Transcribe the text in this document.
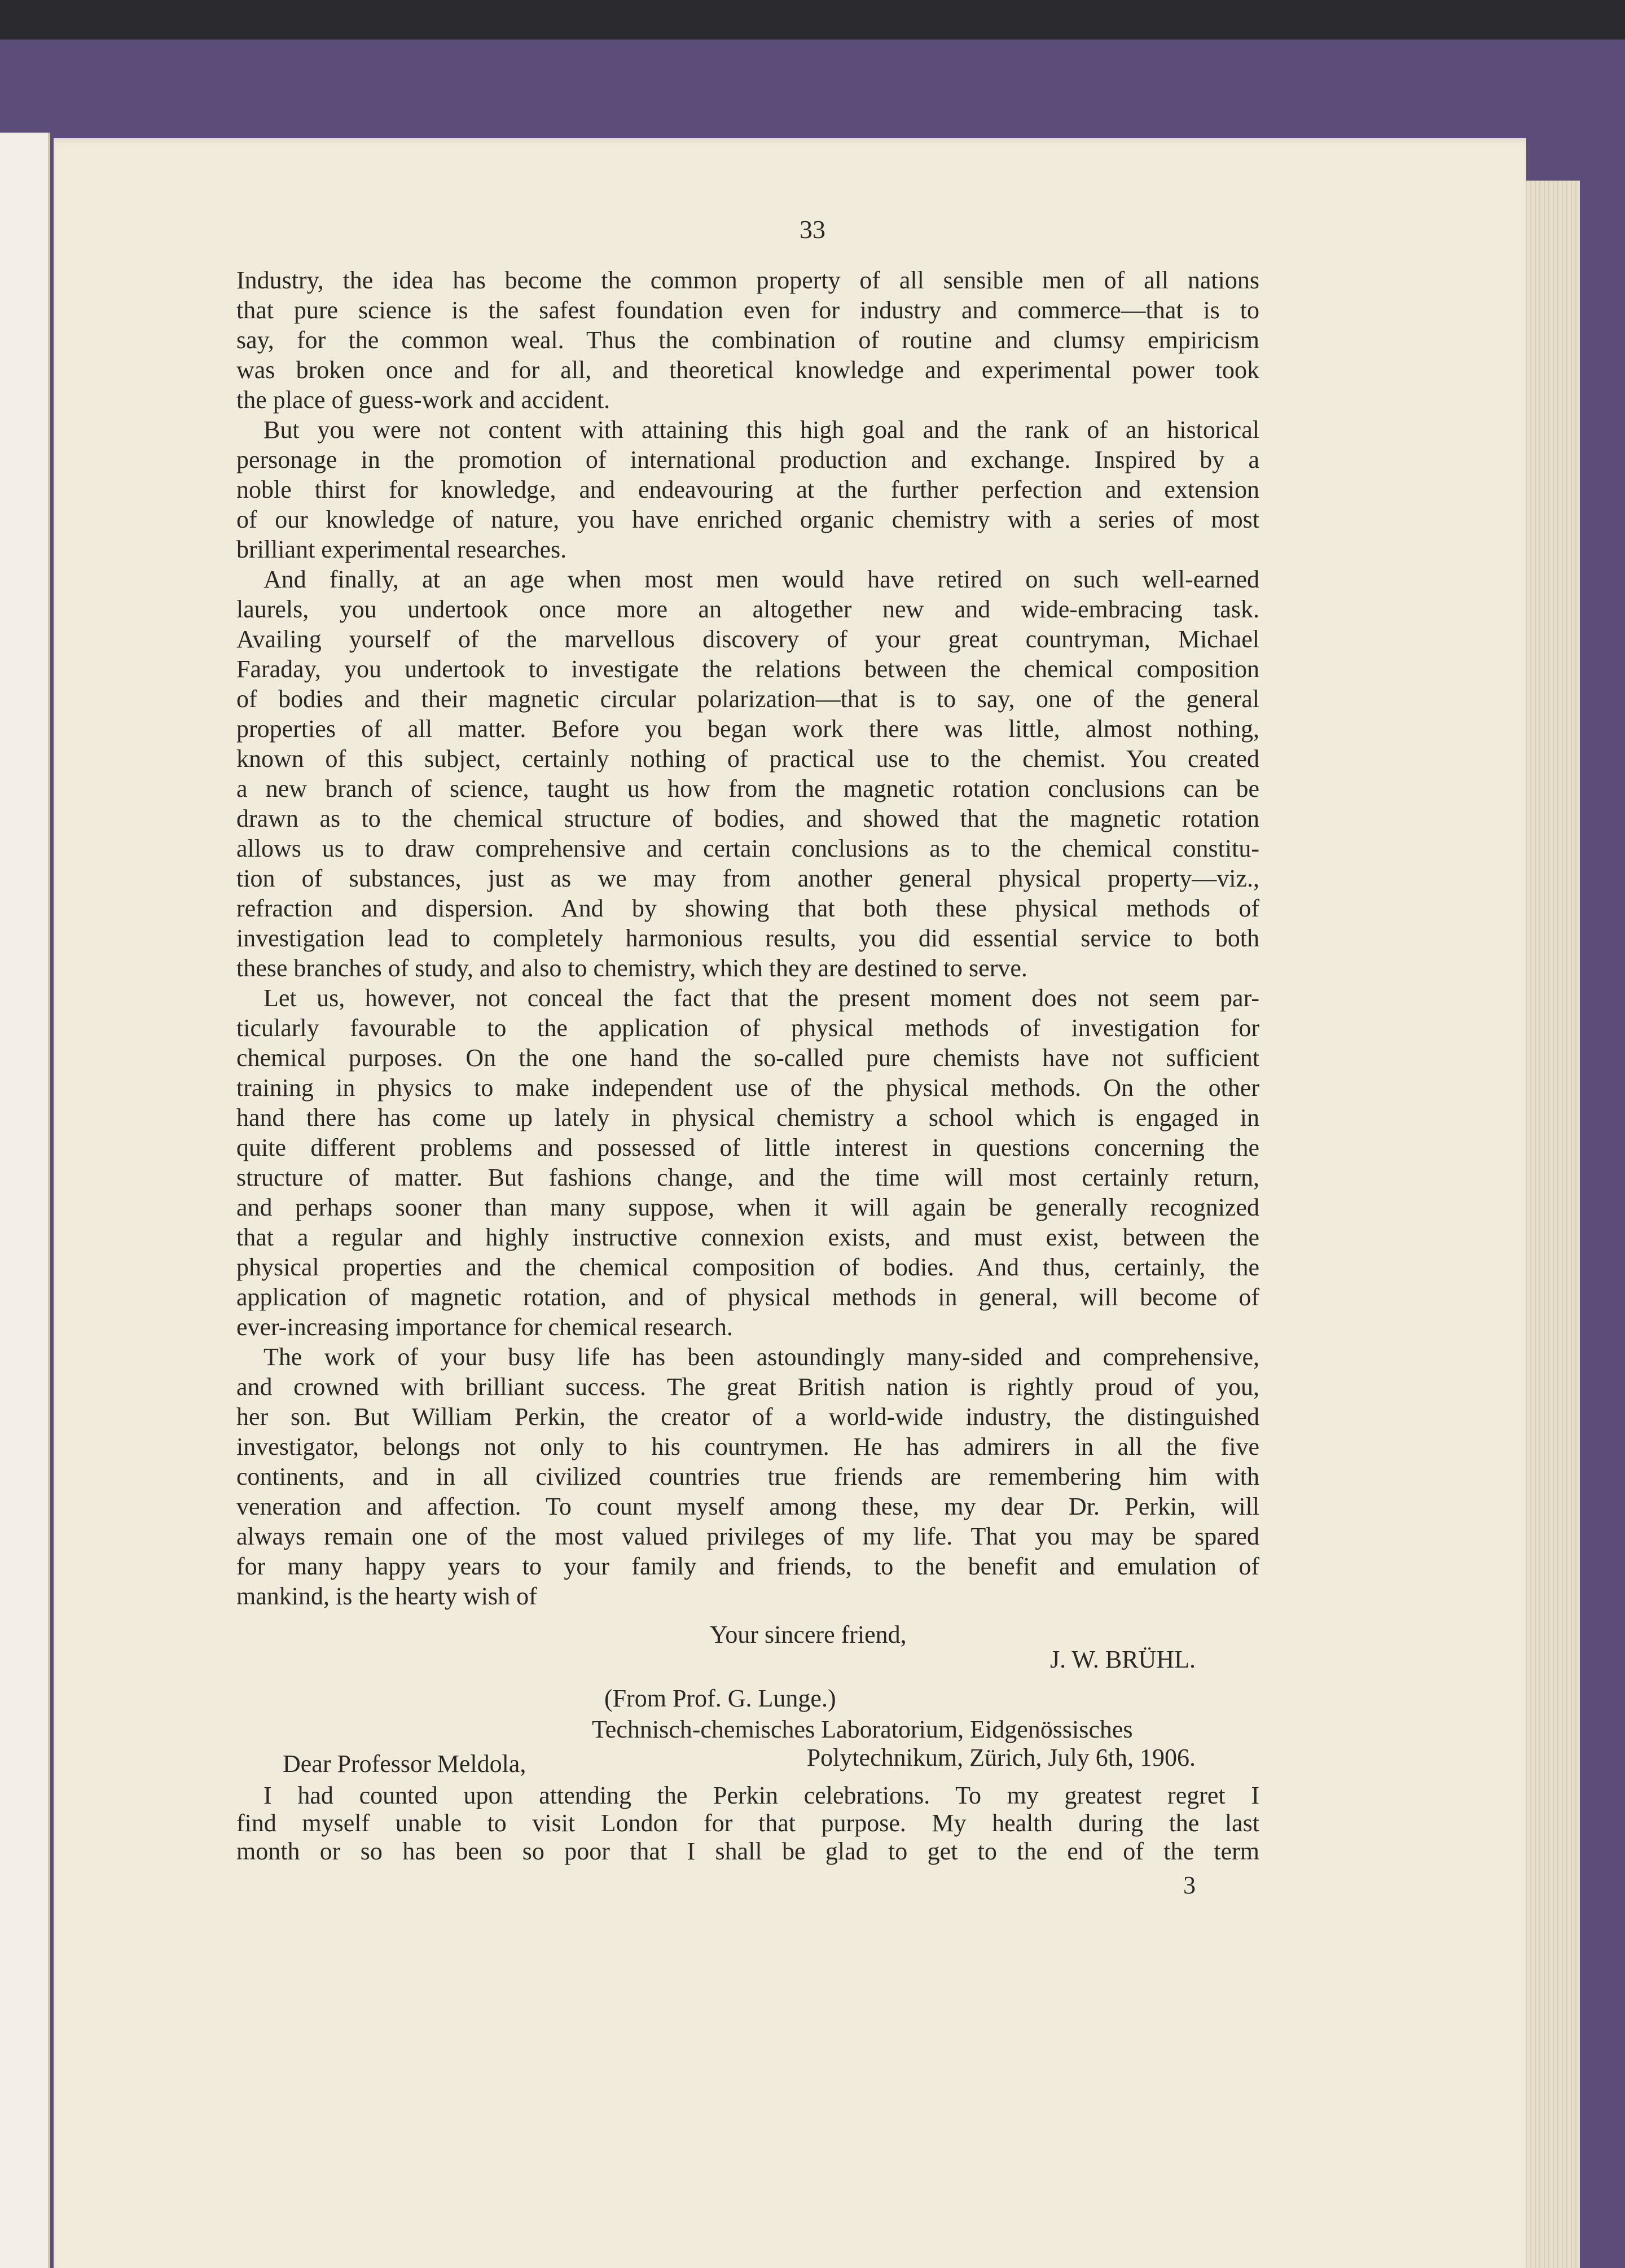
33
Industry, the idea has become the common property of all sensible men of all nations
that pure science is the safest foundation even for industry and commerce—that is to
say, for the common weal. Thus the combination of routine and clumsy empiricism
was broken once and for all, and theoretical knowledge and experimental power took
the place of guess-work and accident.
But you were not content with attaining this high goal and the rank of an historical
personage in the promotion of international production and exchange. Inspired by a
noble thirst for knowledge, and endeavouring at the further perfection and extension
of our knowledge of nature, you have enriched organic chemistry with a series of most
brilliant experimental researches.
And finally, at an age when most men would have retired on such well-earned
laurels, you undertook once more an altogether new and wide-embracing task.
Availing yourself of the marvellous discovery of your great countryman, Michael
Faraday, you undertook to investigate the relations between the chemical composition
of bodies and their magnetic circular polarization—that is to say, one of the general
properties of all matter. Before you began work there was little, almost nothing,
known of this subject, certainly nothing of practical use to the chemist. You created
a new branch of science, taught us how from the magnetic rotation conclusions can be
drawn as to the chemical structure of bodies, and showed that the magnetic rotation
allows us to draw comprehensive and certain conclusions as to the chemical constitu-
tion of substances, just as we may from another general physical property—viz.,
refraction and dispersion. And by showing that both these physical methods of
investigation lead to completely harmonious results, you did essential service to both
these branches of study, and also to chemistry, which they are destined to serve.
Let us, however, not conceal the fact that the present moment does not seem par-
ticularly favourable to the application of physical methods of investigation for
chemical purposes. On the one hand the so-called pure chemists have not sufficient
training in physics to make independent use of the physical methods. On the other
hand there has come up lately in physical chemistry a school which is engaged in
quite different problems and possessed of little interest in questions concerning the
structure of matter. But fashions change, and the time will most certainly return,
and perhaps sooner than many suppose, when it will again be generally recognized
that a regular and highly instructive connexion exists, and must exist, between the
physical properties and the chemical composition of bodies. And thus, certainly, the
application of magnetic rotation, and of physical methods in general, will become of
ever-increasing importance for chemical research.
The work of your busy life has been astoundingly many-sided and comprehensive,
and crowned with brilliant success. The great British nation is rightly proud of you,
her son. But William Perkin, the creator of a world-wide industry, the distinguished
investigator, belongs not only to his countrymen. He has admirers in all the five
continents, and in all civilized countries true friends are remembering him with
veneration and affection. To count myself among these, my dear Dr. Perkin, will
always remain one of the most valued privileges of my life. That you may be spared
for many happy years to your family and friends, to the benefit and emulation of
mankind, is the hearty wish of
Your sincere friend,
J. W. BRÜHL.
(From Prof. G. Lunge.)
Technisch-chemisches Laboratorium, Eidgenössisches
Polytechnikum, Zürich, July 6th, 1906.
Dear Professor Meldola,
I had counted upon attending the Perkin celebrations. To my greatest regret I
find myself unable to visit London for that purpose. My health during the last
month or so has been so poor that I shall be glad to get to the end of the term
3
